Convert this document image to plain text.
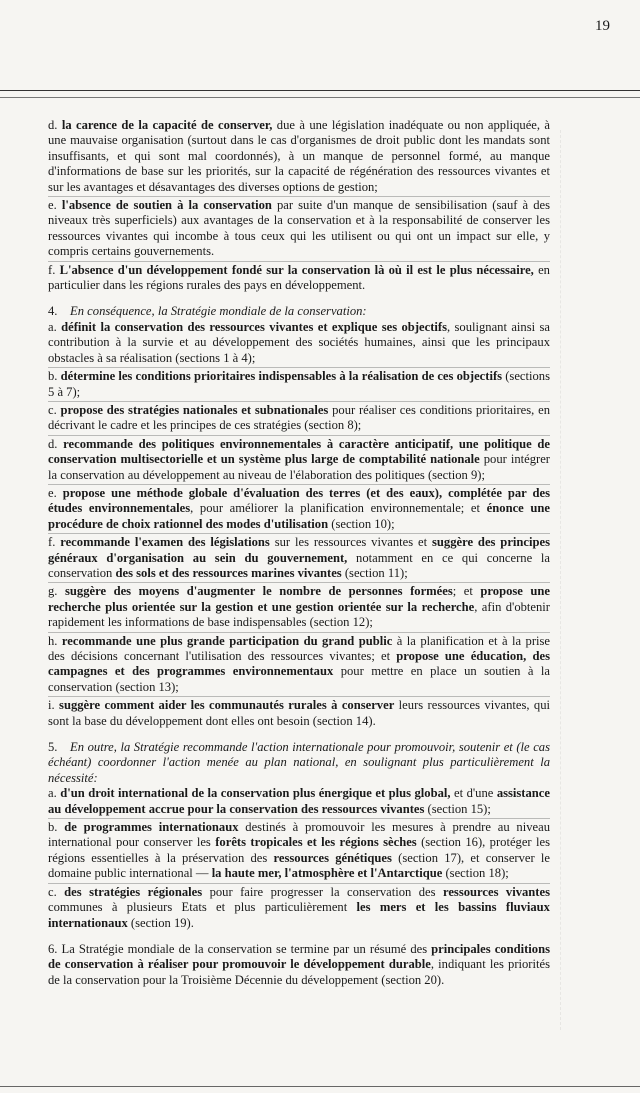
19

d. la carence de la capacité de conserver, due à une législation inadéquate ou non appliquée, à une mauvaise organisation (surtout dans le cas d'organismes de droit public dont les mandats sont insuffisants, et qui sont mal coordonnés), à un manque de personnel formé, au manque d'informations de base sur les priorités, sur la capacité de régénération des ressources vivantes et sur les avantages et désavantages des diverses options de gestion;

e. l'absence de soutien à la conservation par suite d'un manque de sensibilisation (sauf à des niveaux très superficiels) aux avantages de la conservation et à la responsabilité de conserver les ressources vivantes qui incombe à tous ceux qui les utilisent ou qui ont un impact sur elle, y compris certains gouvernements.

f. L'absence d'un développement fondé sur la conservation là où il est le plus nécessaire, en particulier dans les régions rurales des pays en développement.

4. En conséquence, la Stratégie mondiale de la conservation:

a. définit la conservation des ressources vivantes et explique ses objectifs, soulignant ainsi sa contribution à la survie et au développement des sociétés humaines, ainsi que les principaux obstacles à sa réalisation (sections 1 à 4);

b. détermine les conditions prioritaires indispensables à la réalisation de ces objectifs (sections 5 à 7);

c. propose des stratégies nationales et subnationales pour réaliser ces conditions prioritaires, en décrivant le cadre et les principes de ces stratégies (section 8);

d. recommande des politiques environnementales à caractère anticipatif, une politique de conservation multisectorielle et un système plus large de comptabilité nationale pour intégrer la conservation au développement au niveau de l'élaboration des politiques (section 9);

e. propose une méthode globale d'évaluation des terres (et des eaux), complétée par des études environnementales, pour améliorer la planification environnementale; et énonce une procédure de choix rationnel des modes d'utilisation (section 10);

f. recommande l'examen des législations sur les ressources vivantes et suggère des principes généraux d'organisation au sein du gouvernement, notamment en ce qui concerne la conservation des sols et des ressources marines vivantes (section 11);

g. suggère des moyens d'augmenter le nombre de personnes formées; et propose une recherche plus orientée sur la gestion et une gestion orientée sur la recherche, afin d'obtenir rapidement les informations de base indispensables (section 12);

h. recommande une plus grande participation du grand public à la planification et à la prise des décisions concernant l'utilisation des ressources vivantes; et propose une éducation, des campagnes et des programmes environnementaux pour mettre en place un soutien à la conservation (section 13);

i. suggère comment aider les communautés rurales à conserver leurs ressources vivantes, qui sont la base du développement dont elles ont besoin (section 14).

5. En outre, la Stratégie recommande l'action internationale pour promouvoir, soutenir et (le cas échéant) coordonner l'action menée au plan national, en soulignant plus particulièrement la nécessité:

a. d'un droit international de la conservation plus énergique et plus global, et d'une assistance au développement accrue pour la conservation des ressources vivantes (section 15);

b. de programmes internationaux destinés à promouvoir les mesures à prendre au niveau international pour conserver les forêts tropicales et les régions sèches (section 16), protéger les régions essentielles à la préservation des ressources génétiques (section 17), et conserver le domaine public international — la haute mer, l'atmosphère et l'Antarctique (section 18);

c. des stratégies régionales pour faire progresser la conservation des ressources vivantes communes à plusieurs Etats et plus particulièrement les mers et les bassins fluviaux internationaux (section 19).

6. La Stratégie mondiale de la conservation se termine par un résumé des principales conditions de conservation à réaliser pour promouvoir le développement durable, indiquant les priorités de la conservation pour la Troisième Décennie du développement (section 20).
